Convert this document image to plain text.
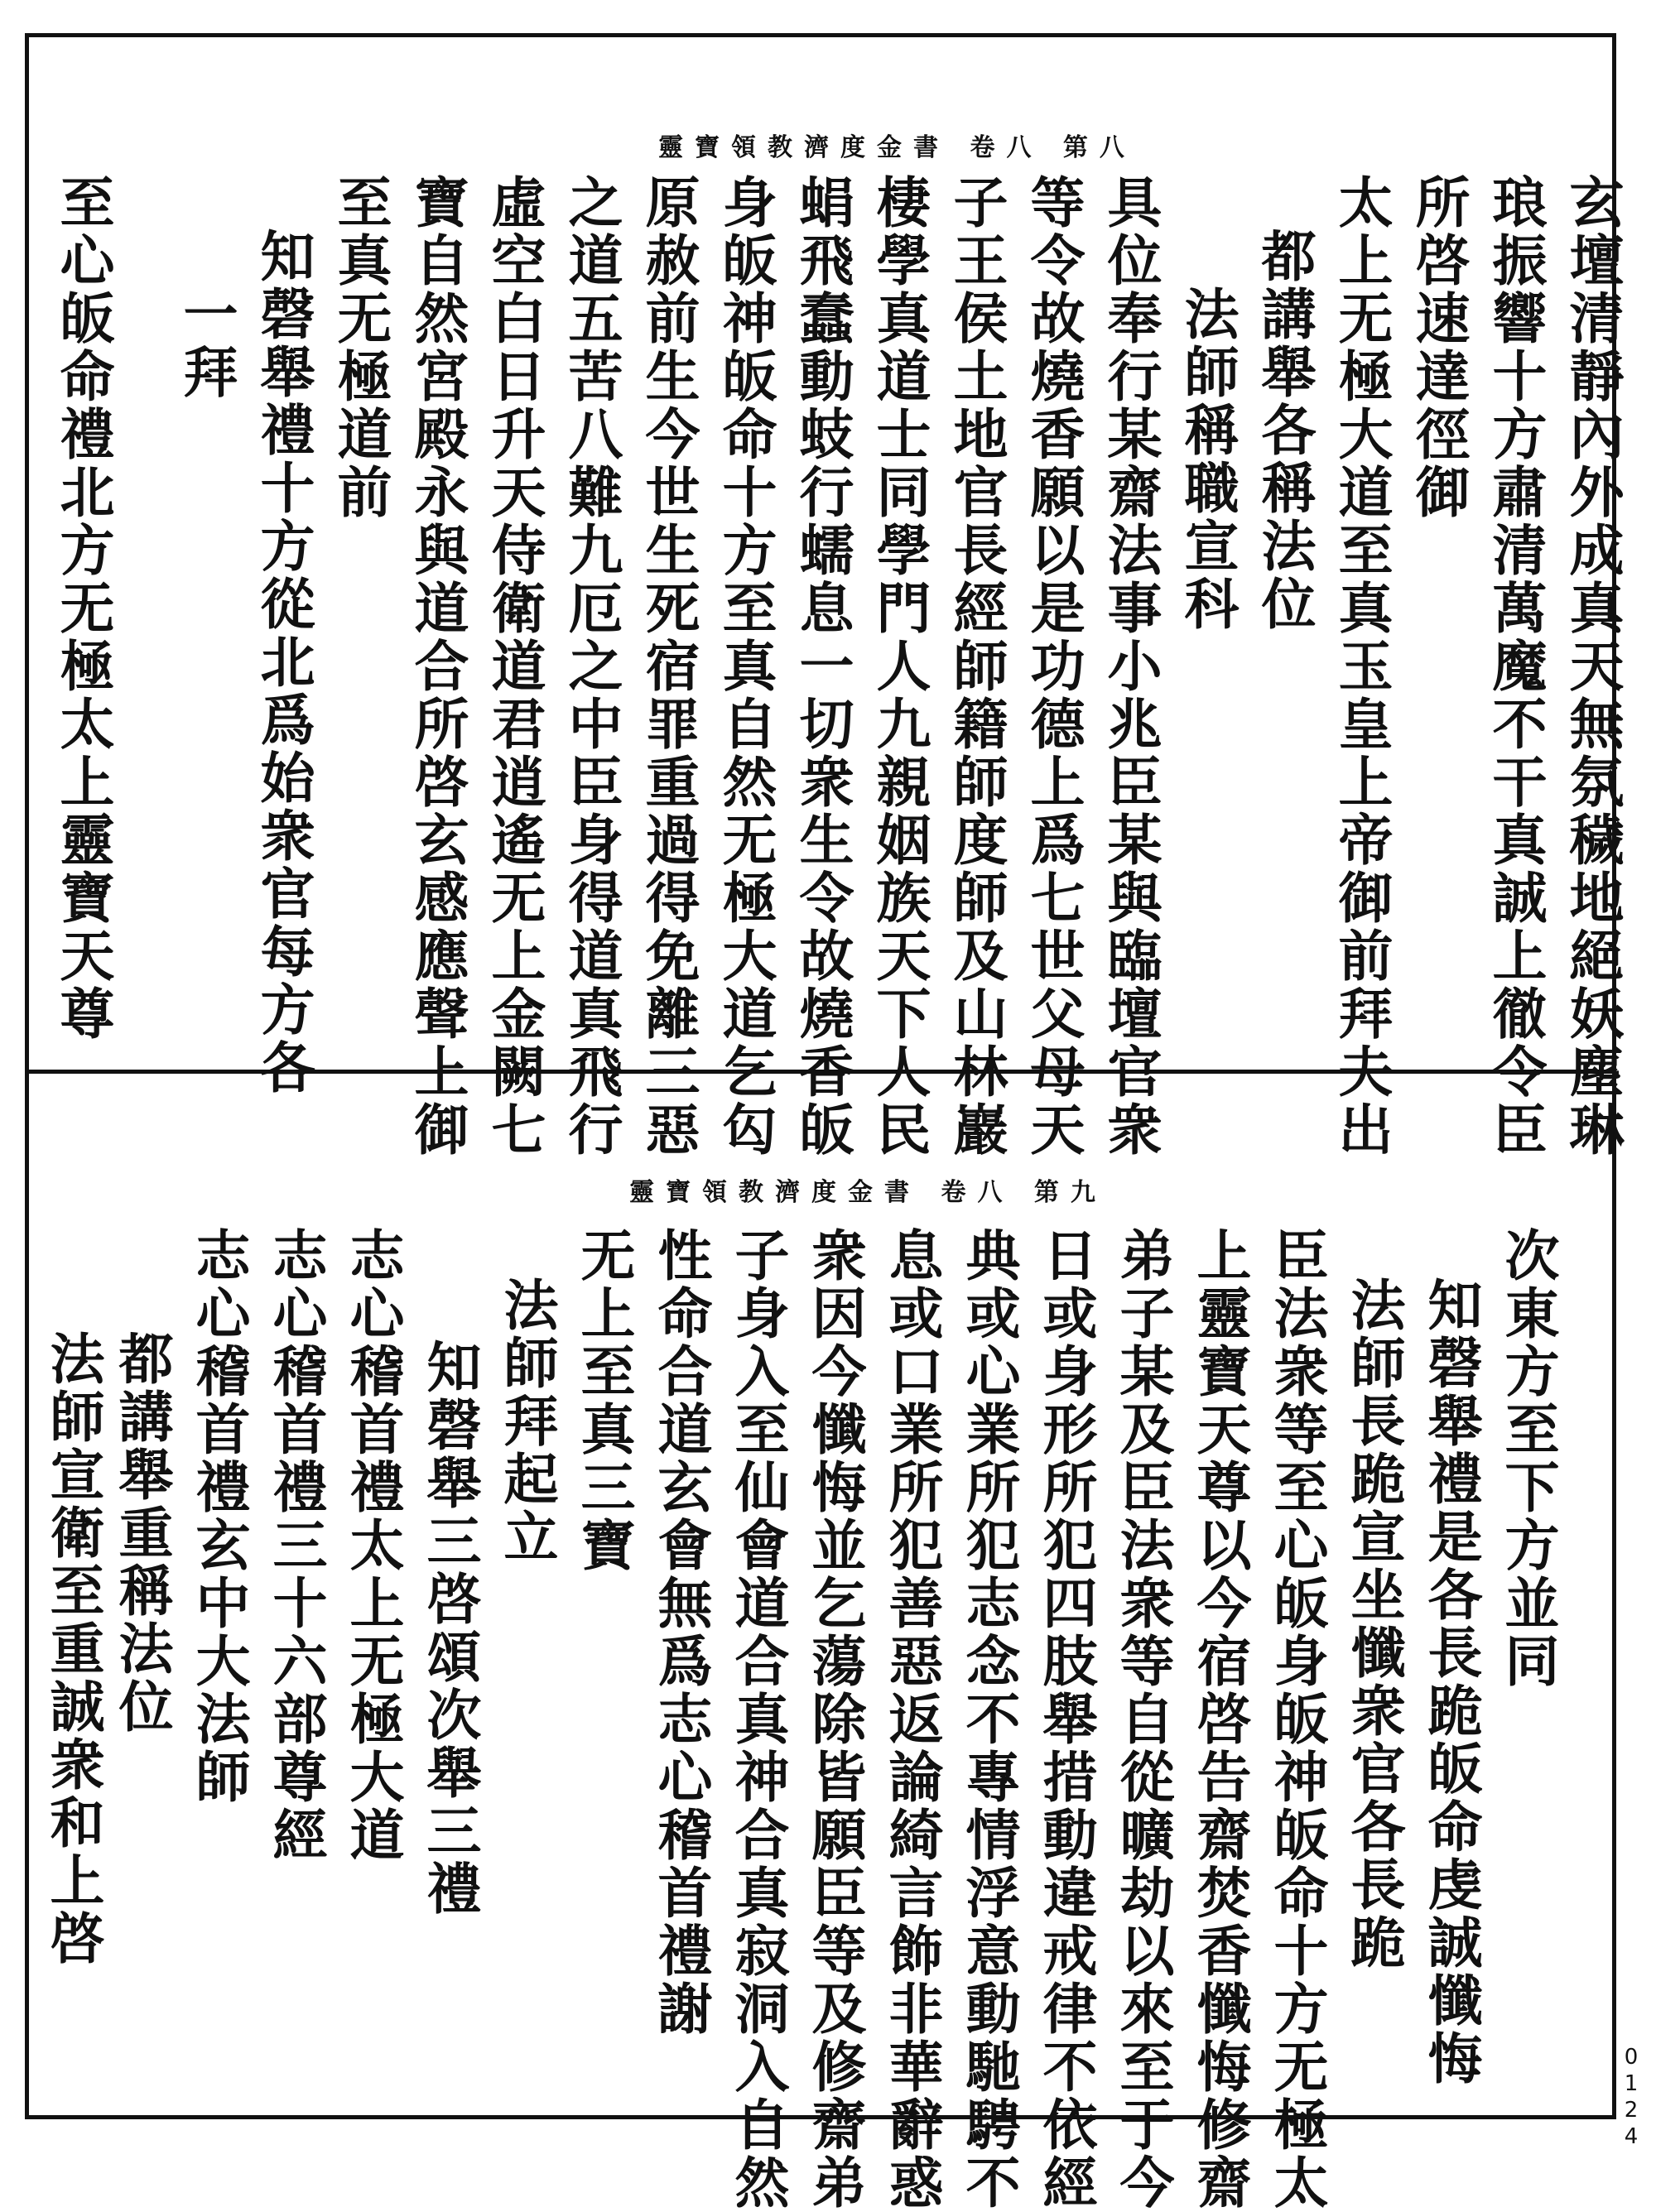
靈寶領教濟度金書 卷八 第八
玄壇清靜內外成真天無氛穢地絕妖塵琳
琅振響十方肅清萬魔不干真誠上徹令臣
所啓速達徑御
太上无極大道至真玉皇上帝御前拜夫出
都講舉各稱法位
法師稱職宣科
具位奉行某齋法事小兆臣某與臨壇官衆
等令故燒香願以是功德上爲七世父母天
子王侯土地官長經師籍師度師及山林巖
棲學真道士同學門人九親姻族天下人民
蜎飛蠢動蚑行蠕息一切衆生令故燒香皈
身皈神皈命十方至真自然无極大道乞匃
原赦前生今世生死宿罪重過得免離三惡
之道五苦八難九厄之中臣身得道真飛行
虛空白日升天侍衛道君逍遙无上金闕七
寶自然宮殿永與道合所啓玄感應聲上御
至真无極道前
知磬舉禮十方從北爲始衆官每方各
一拜
至心皈命禮北方无極太上靈寶天尊
靈寶領教濟度金書 卷八 第九
次東方至下方並同
知磬舉禮是各長跪皈命虔誠懺悔
法師長跪宣坐懺衆官各長跪
臣法衆等至心皈身皈神皈命十方无極太
上靈寶天尊以今宿啓告齋焚香懺悔修齋
弟子某及臣法衆等自從曠劫以來至于今
日或身形所犯四肢舉措動違戒律不依經
典或心業所犯志念不專情浮意動馳騁不
息或口業所犯善惡返論綺言飾非華辭惑
衆因今懺悔並乞蕩除皆願臣等及修齋弟
子身入至仙會道合真神合真寂洞入自然
性命合道玄會無爲志心稽首禮謝
无上至真三寶
法師拜起立
知磬舉三啓頌次舉三禮
志心稽首禮太上无極大道
志心稽首禮三十六部尊經
志心稽首禮玄中大法師
都講舉重稱法位
法師宣衛至重誠衆和上啓
0124
